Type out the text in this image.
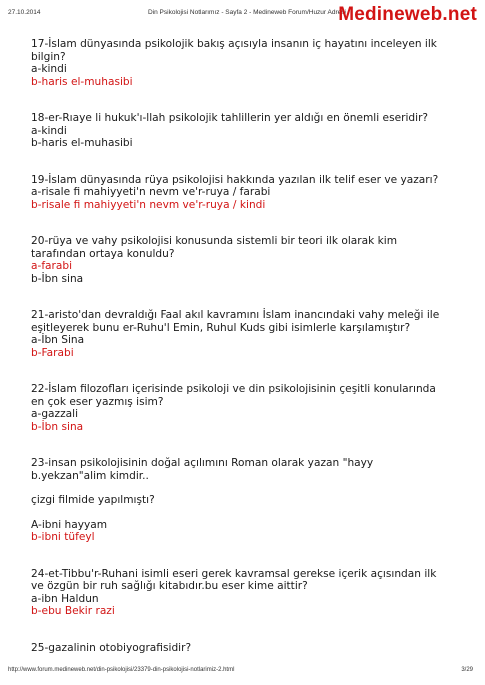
27.10.2014	Din Psikolojisi Notlarımız - Sayfa 2 - Medineweb Forum/Huzur Adresi
Medineweb.net
17-İslam dünyasında psikolojik bakış açısıyla insanın iç hayatını inceleyen ilk bilgin?
a-kindi
b-haris el-muhasibi
18-er-Rıaye li hukuk'ı-llah psikolojik tahlillerin yer aldığı en önemli eseridir?
a-kindi
b-haris el-muhasibi
19-İslam dünyasında rüya psikolojisi hakkında yazılan ilk telif eser ve yazarı?
a-risale fi mahiyyeti'n nevm ve'r-ruya / farabi
b-risale fi mahiyyeti'n nevm ve'r-ruya / kindi
20-rüya ve vahy psikolojisi konusunda sistemli bir teori ilk olarak kim tarafından ortaya konuldu?
a-farabi
b-İbn sina
21-aristo'dan devraldığı Faal akıl kavramını İslam inancındaki vahy meleği ile eşitleyerek bunu er-Ruhu'l Emin, Ruhul Kuds gibi isimlerle karşılamıştır?
a-İbn Sina
b-Farabi
22-İslam filozofları içerisinde psikoloji ve din psikolojisinin çeşitli konularında en çok eser yazmış isim?
a-gazzali
b-İbn sina
23-insan psikolojisinin doğal açılımını Roman olarak yazan "hayy b.yekzan"alim kimdir..
çizgi filmide yapılmıştı?
A-ibni hayyam
b-ibni tüfeyl
24-et-Tibbu'r-Ruhani isimli eseri gerek kavramsal gerekse içerik açısından ilk ve özgün bir ruh sağlığı kitabıdır.bu eser kime aittir?
a-ibn Haldun
b-ebu Bekir razi
25-gazalinin otobiyografisidir?
http://www.forum.medineweb.net/din-psikolojisi/23379-din-psikolojisi-notlarimiz-2.html	3/29
